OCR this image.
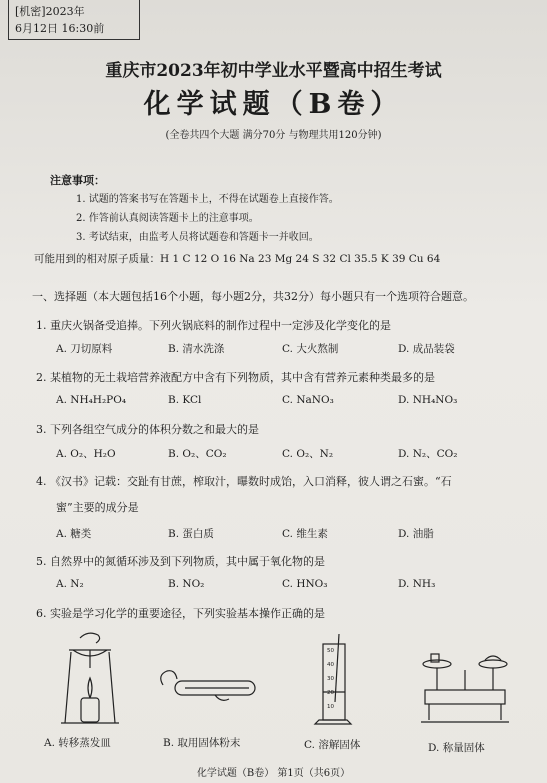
[机密]2023年
6月12日 16:30前
重庆市2023年初中学业水平暨高中招生考试
化学试题（B卷）
(全卷共四个大题 满分70分 与物理共用120分钟)
注意事项：
1. 试题的答案书写在答题卡上，不得在试题卷上直接作答。
2. 作答前认真阅读答题卡上的注意事项。
3. 考试结束，由监考人员将试题卷和答题卡一并收回。
可能用到的相对原子质量：H 1 C 12 O 16 Na 23 Mg 24 S 32 Cl 35.5 K 39 Cu 64
一、选择题（本大题包括16个小题，每小题2分，共32分）每小题只有一个选项符合题意。
1. 重庆火锅备受追捧。下列火锅底料的制作过程中一定涉及化学变化的是
A. 刀切原料	B. 清水洗涤	C. 大火熬制	D. 成品装袋
2. 某植物的无土栽培营养液配方中含有下列物质，其中含有营养元素种类最多的是
A. NH₄H₂PO₄	B. KCl	C. NaNO₃	D. NH₄NO₃
3. 下列各组空气成分的体积分数之和最大的是
A. O₂、H₂O	B. O₂、CO₂	C. O₂、N₂	D. N₂、CO₂
4. 《汉书》记载：交趾有甘蔗，榨取汁，曝数时成饴，入口消释，彼人谓之石蜜。“石
蜜”主要的成分是
A. 糖类	B. 蛋白质	C. 维生素	D. 油脂
5. 自然界中的氮循环涉及到下列物质，其中属于氧化物的是
A. N₂	B. NO₂	C. HNO₃	D. NH₃
6. 实验是学习化学的重要途径，下列实验基本操作正确的是
50
40
30
20
10
A. 转移蒸发皿	B. 取用固体粉末	C. 溶解固体	D. 称量固体
化学试题（B卷） 第1页（共6页）
